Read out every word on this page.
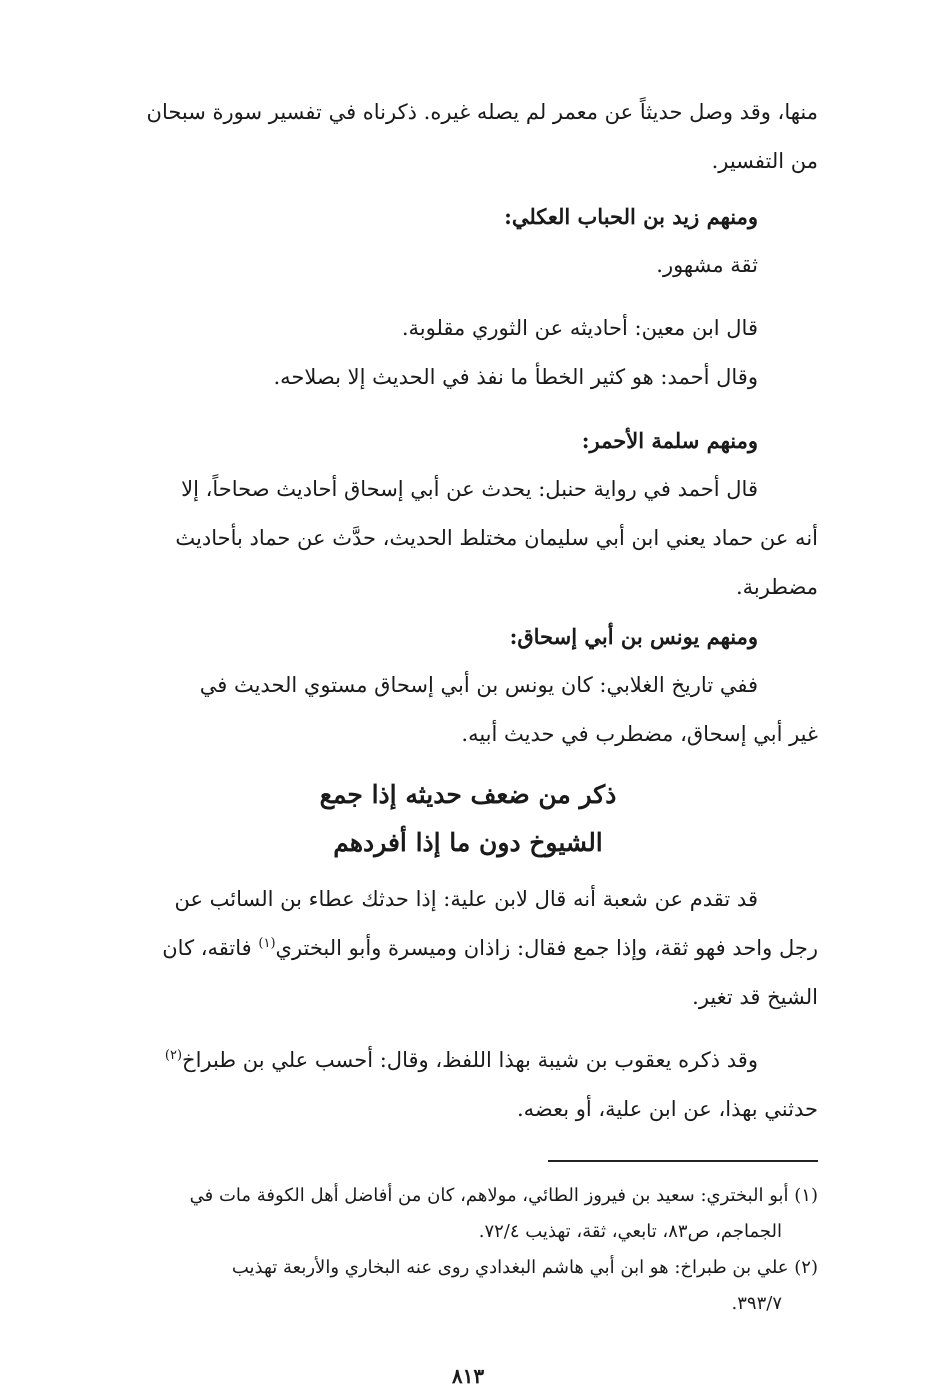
منها، وقد وصل حديثاً عن معمر لم يصله غيره. ذكرناه في تفسير سورة سبحان

من التفسير.

ومنهم زيد بن الحباب العكلي:

ثقة مشهور.

قال ابن معين: أحاديثه عن الثوري مقلوبة.

وقال أحمد: هو كثير الخطأ ما نفذ في الحديث إلا بصلاحه.

ومنهم سلمة الأحمر:

قال أحمد في رواية حنبل: يحدث عن أبي إسحاق أحاديث صحاحاً، إلا

أنه عن حماد يعني ابن أبي سليمان مختلط الحديث، حدَّث عن حماد بأحاديث

مضطربة.

ومنهم يونس بن أبي إسحاق:

ففي تاريخ الغلابي: كان يونس بن أبي إسحاق مستوي الحديث في

غير أبي إسحاق، مضطرب في حديث أبيه.

ذكر من ضعف حديثه إذا جمع
الشيوخ دون ما إذا أفردهم

قد تقدم عن شعبة أنه قال لابن علية: إذا حدثك عطاء بن السائب عن

رجل واحد فهو ثقة، وإذا جمع فقال: زاذان وميسرة وأبو البختري$^{(١)}$ فاتقه، كان

الشيخ قد تغير.

وقد ذكره يعقوب بن شيبة بهذا اللفظ، وقال: أحسب علي بن طبراخ$^{(٢)}$

حدثني بهذا، عن ابن علية، أو بعضه.

(١) أبو البختري: سعيد بن فيروز الطائي، مولاهم، كان من أفاضل أهل الكوفة مات في

الجماجم، ص٨٣، تابعي، ثقة، تهذيب ٧٢/٤.

(٢) علي بن طبراخ: هو ابن أبي هاشم البغدادي روى عنه البخاري والأربعة تهذيب

٣٩٣/٧.

٨١٣
